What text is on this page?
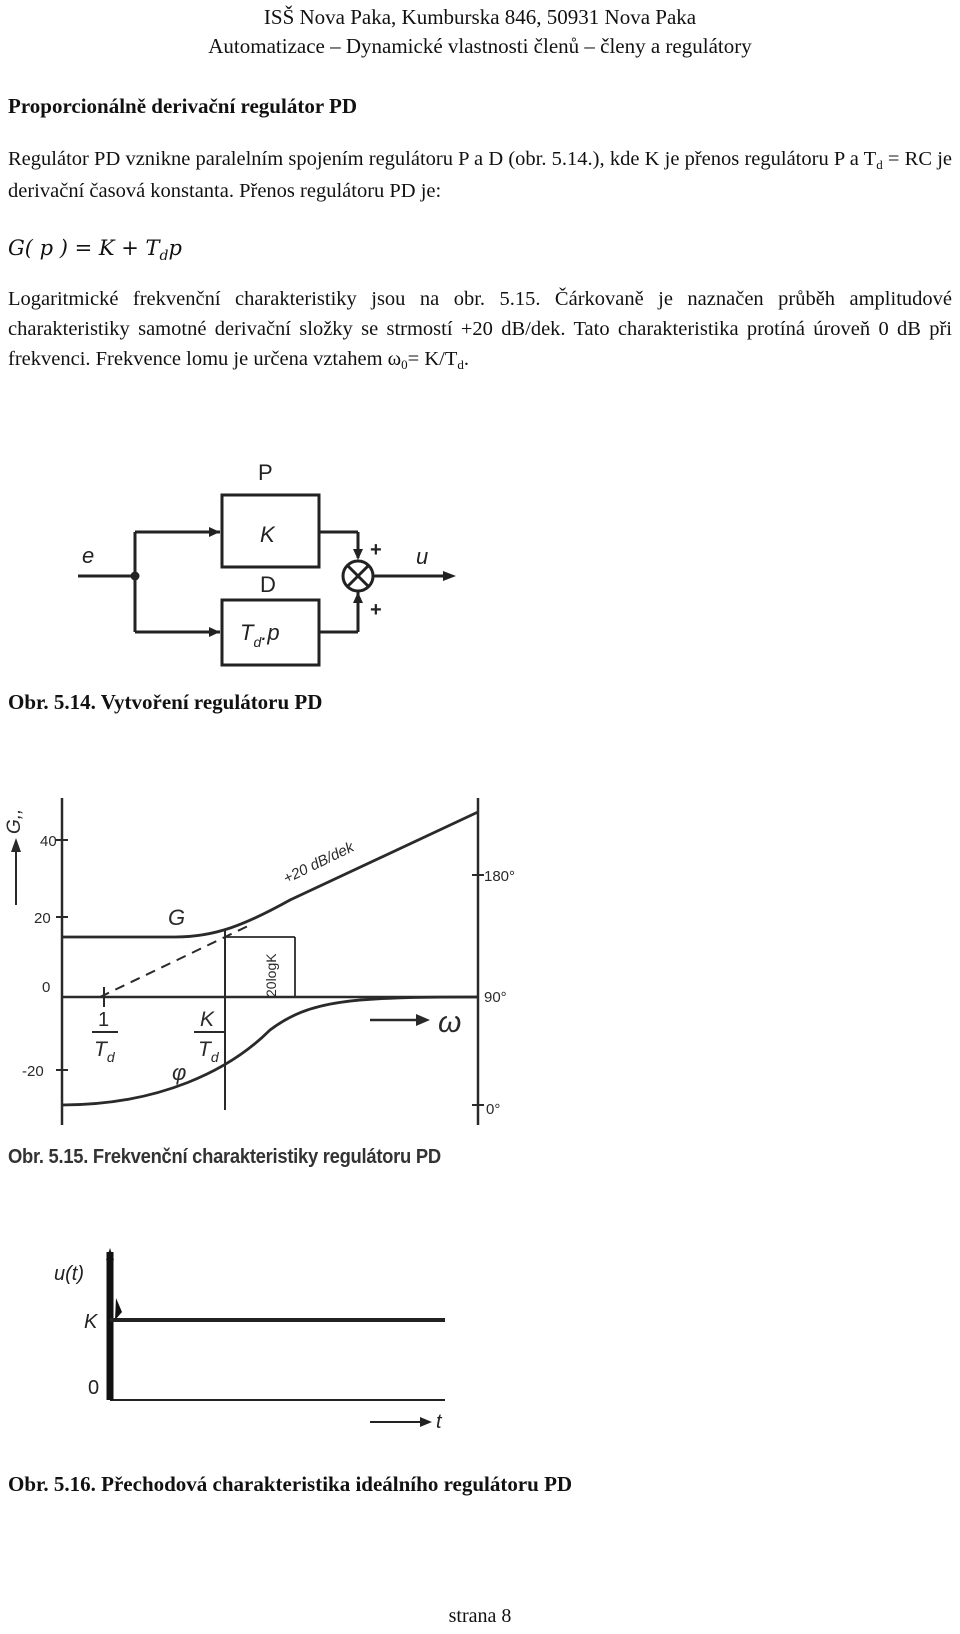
ISŠ Nova Paka, Kumburska 846, 50931 Nova Paka
Automatizace – Dynamické vlastnosti členů – členy a regulátory
Proporcionálně derivační regulátor PD
Regulátor PD vznikne paralelním spojením regulátoru P a D (obr. 5.14.), kde K je přenos regulátoru P a Td = RC je derivační časová konstanta. Přenos regulátoru PD je:
G( p ) = $K + T_dp$
Logaritmické frekvenční charakteristiky jsou na obr. 5.15. Čárkovaně je naznačen průběh amplitudové charakteristiky samotné derivační složky se strmostí +20 dB/dek. Tato charakteristika protíná úroveň 0 dB při frekvenci. Frekvence lomu je určena vztahem ω0= K/Td.
P
K
D
$T_d.p$
e	u
+
+
Obr. 5.14. Vytvoření regulátoru PD
G,,
40
20
0
-20
180°
90°
0°
+20 dB/dek
G
φ
20logK
1
$T_d$
K
$T_d$
ω
Obr. 5.15. Frekvenční charakteristiky regulátoru PD
u(t)
K
0
t
Obr. 5.16. Přechodová charakteristika ideálního regulátoru PD
strana 8
